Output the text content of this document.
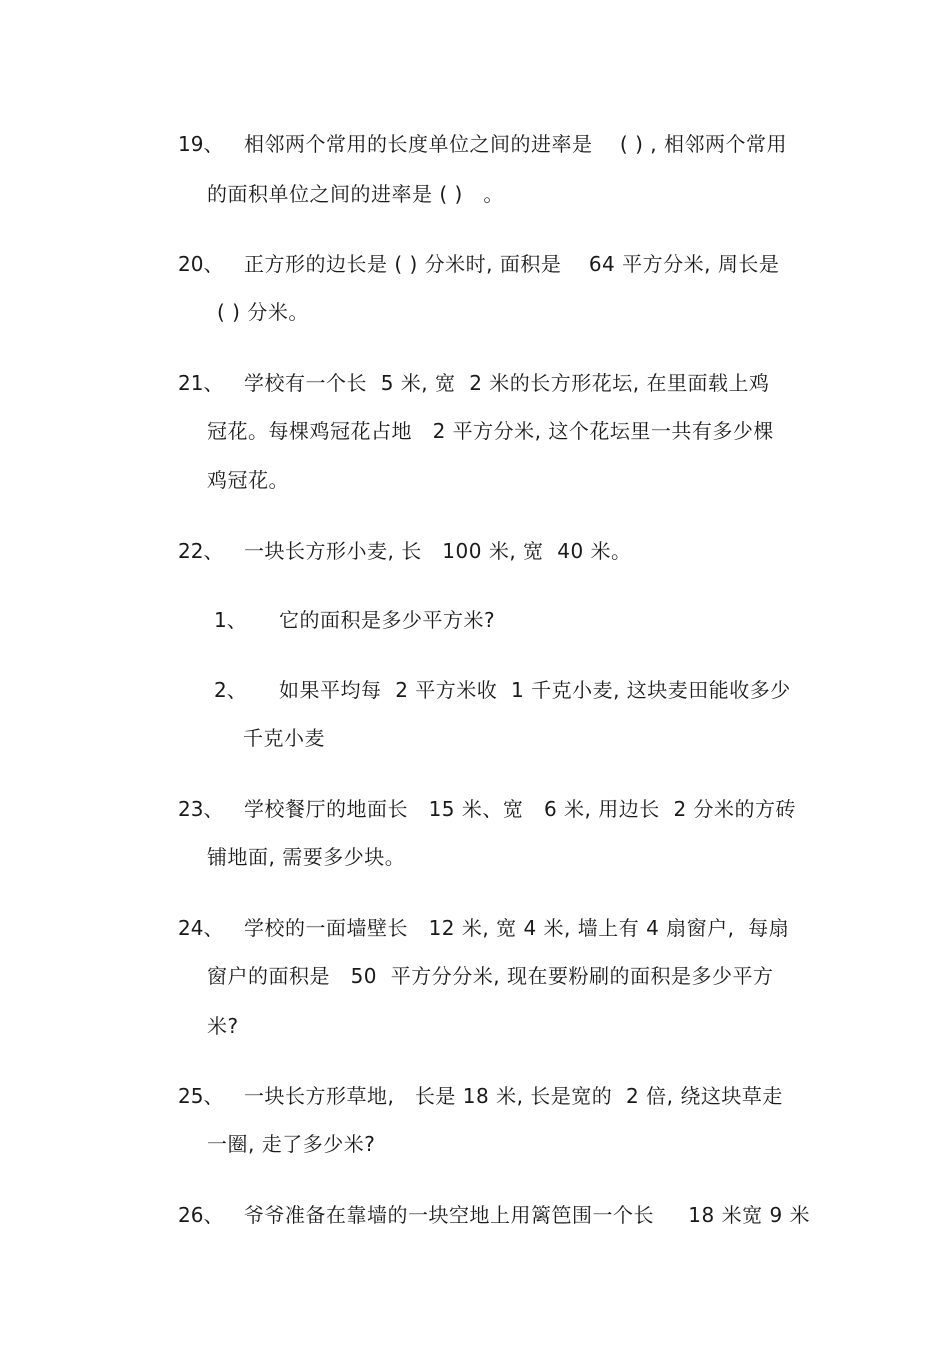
19、 相邻两个常用的长度单位之间的进率是    ( ) , 相邻两个常用
的面积单位之间的进率是 ( )   。
20、 正方形的边长是 ( ) 分米时, 面积是    64 平方分米, 周长是
( ) 分米。
21、 学校有一个长  5 米, 宽  2 米的长方形花坛, 在里面载上鸡
冠花。每棵鸡冠花占地   2 平方分米, 这个花坛里一共有多少棵
鸡冠花。
22、 一块长方形小麦, 长   100 米, 宽  40 米。
1、 它的面积是多少平方米?
2、 如果平均每  2 平方米收  1 千克小麦, 这块麦田能收多少
千克小麦
23、 学校餐厅的地面长   15 米、宽   6 米, 用边长  2 分米的方砖
铺地面, 需要多少块。
24、 学校的一面墙壁长   12 米, 宽 4 米, 墙上有 4 扇窗户,  每扇
窗户的面积是   50  平方分分米, 现在要粉刷的面积是多少平方
米?
25、 一块长方形草地,   长是 18 米, 长是宽的  2 倍, 绕这块草走
一圈, 走了多少米?
26、 爷爷准备在靠墙的一块空地上用篱笆围一个长     18 米宽 9 米
